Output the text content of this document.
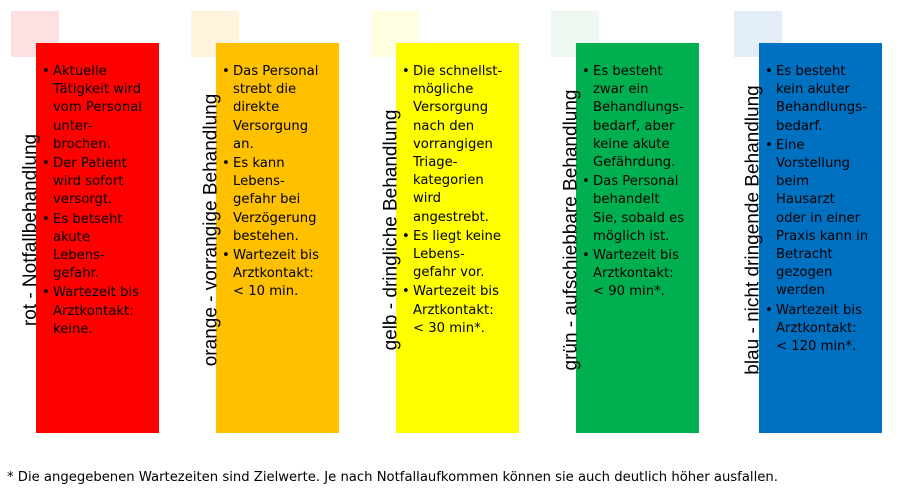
rot - Notfallbehandlung
• Aktuelle
Tätigkeit wird
vom Personal
unter-
brochen.
• Der Patient
wird sofort
versorgt.
• Es betseht
akute
Lebens-
gefahr.
• Wartezeit bis
Arztkontakt:
keine.	orange - vorrangige Behandlung
• Das Personal
strebt die
direkte
Versorgung
an.
• Es kann
Lebens-
gefahr bei
Verzögerung
bestehen.
• Wartezeit bis
Arztkontakt:
< 10 min.	gelb - dringliche Behandlung
• Die schnellst-
mögliche
Versorgung
nach den
vorrangigen
Triage-
kategorien
wird
angestrebt.
• Es liegt keine
Lebens-
gefahr vor.
• Wartezeit bis
Arztkontakt:
< 30 min*.	grün - aufschiebbare Behandlung
• Es besteht
zwar ein
Behandlungs-
bedarf, aber
keine akute
Gefährdung.
• Das Personal
behandelt
Sie, sobald es
möglich ist.
• Wartezeit bis
Arztkontakt:
< 90 min*.	blau - nicht dringende Behandlung
• Es besteht
kein akuter
Behandlungs-
bedarf.
• Eine
Vorstellung
beim
Hausarzt
oder in einer
Praxis kann in
Betracht
gezogen
werden
• Wartezeit bis
Arztkontakt:
< 120 min*.
* Die angegebenen Wartezeiten sind Zielwerte. Je nach Notfallaufkommen können sie auch deutlich höher ausfallen.
